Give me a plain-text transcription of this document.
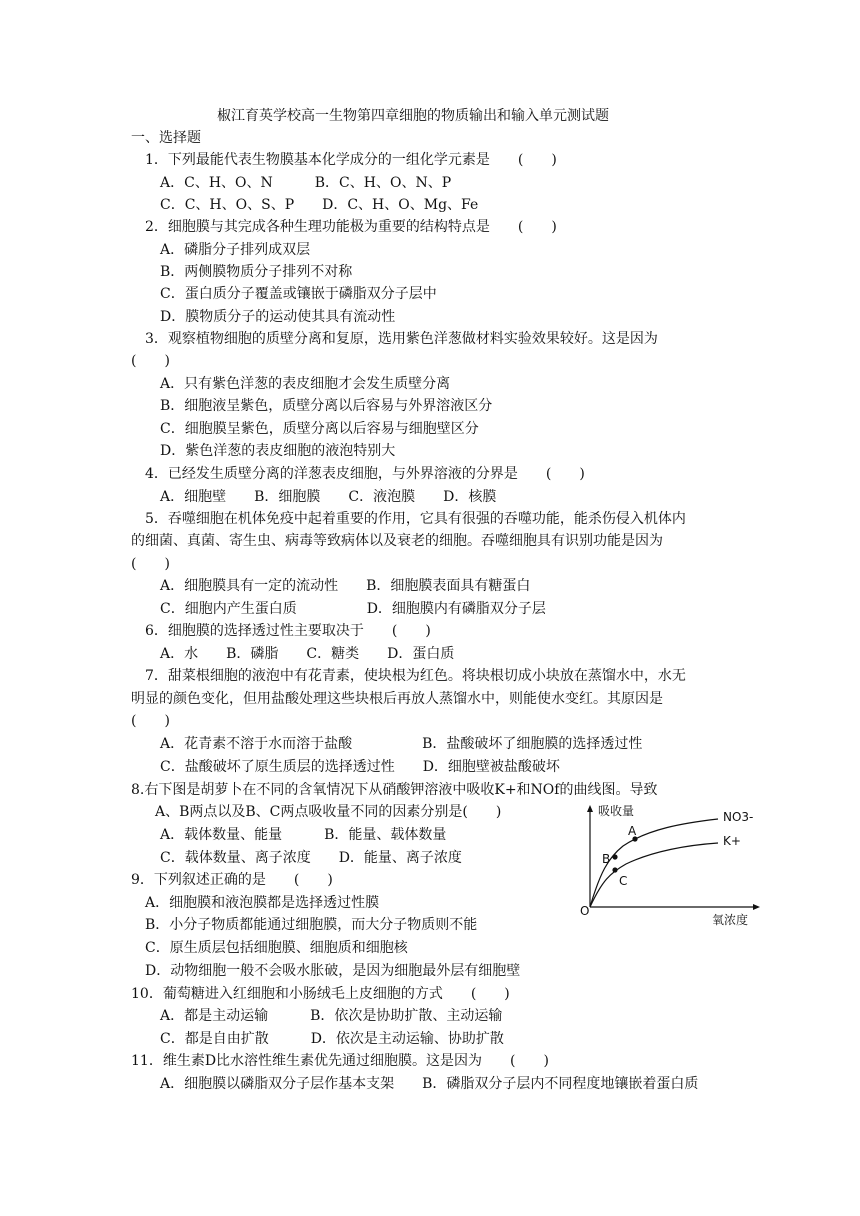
椒江育英学校高一生物第四章细胞的物质输出和输入单元测试题
一、选择题
1．下列最能代表生物膜基本化学成分的一组化学元素是　　(　　)
A．C、H、O、N　　　B．C、H、O、N、P
C．C、H、O、S、P　　D．C、H、O、Mg、Fe
2．细胞膜与其完成各种生理功能极为重要的结构特点是　　(　　)
A．磷脂分子排列成双层
B．两侧膜物质分子排列不对称
C．蛋白质分子覆盖或镶嵌于磷脂双分子层中
D．膜物质分子的运动使其具有流动性
3．观察植物细胞的质壁分离和复原，选用紫色洋葱做材料实验效果较好。这是因为
(　　)
A．只有紫色洋葱的表皮细胞才会发生质壁分离
B．细胞液呈紫色，质壁分离以后容易与外界溶液区分
C．细胞膜呈紫色，质壁分离以后容易与细胞壁区分
D．紫色洋葱的表皮细胞的液泡特别大
4．已经发生质壁分离的洋葱表皮细胞，与外界溶液的分界是　　(　　)
A．细胞壁　　B．细胞膜　　C．液泡膜　　D．核膜
5．吞噬细胞在机体免疫中起着重要的作用，它具有很强的吞噬功能，能杀伤侵入机体内
的细菌、真菌、寄生虫、病毒等致病体以及衰老的细胞。吞噬细胞具有识别功能是因为
(　　)
A．细胞膜具有一定的流动性　　B．细胞膜表面具有糖蛋白
C．细胞内产生蛋白质　　　　　D．细胞膜内有磷脂双分子层
6．细胞膜的选择透过性主要取决于　　(　　)
A．水　　B．磷脂　　C．糖类　　D．蛋白质
7．甜菜根细胞的液泡中有花青素，使块根为红色。将块根切成小块放在蒸馏水中，水无
明显的颜色变化，但用盐酸处理这些块根后再放人蒸馏水中，则能使水变红。其原因是
(　　)
A．花青素不溶于水而溶于盐酸　　　　　B．盐酸破坏了细胞膜的选择透过性
C．盐酸破坏了原生质层的选择透过性　　D．细胞壁被盐酸破坏
8.右下图是胡萝卜在不同的含氧情况下从硝酸钾溶液中吸收K+和NOf的曲线图。导致
A、B两点以及B、C两点吸收量不同的因素分别是(　　)
A．载体数量、能量　　　B．能量、载体数量
C．载体数量、离子浓度　　D．能量、离子浓度
9．下列叙述正确的是　　(　　)
A．细胞膜和液泡膜都是选择透过性膜
B．小分子物质都能通过细胞膜，而大分子物质则不能
C．原生质层包括细胞膜、细胞质和细胞核
D．动物细胞一般不会吸水胀破，是因为细胞最外层有细胞壁
10．葡萄糖进入红细胞和小肠绒毛上皮细胞的方式　　(　　)
A．都是主动运输　　　B．依次是协助扩散、主动运输
C．都是自由扩散　　　D．依次是主动运输、协助扩散
11．维生素D比水溶性维生素优先通过细胞膜。这是因为　　(　　)
A．细胞膜以磷脂双分子层作基本支架　　B．磷脂双分子层内不同程度地镶嵌着蛋白质
吸收量
氧浓度
O
NO3-
K+
A
B
C
